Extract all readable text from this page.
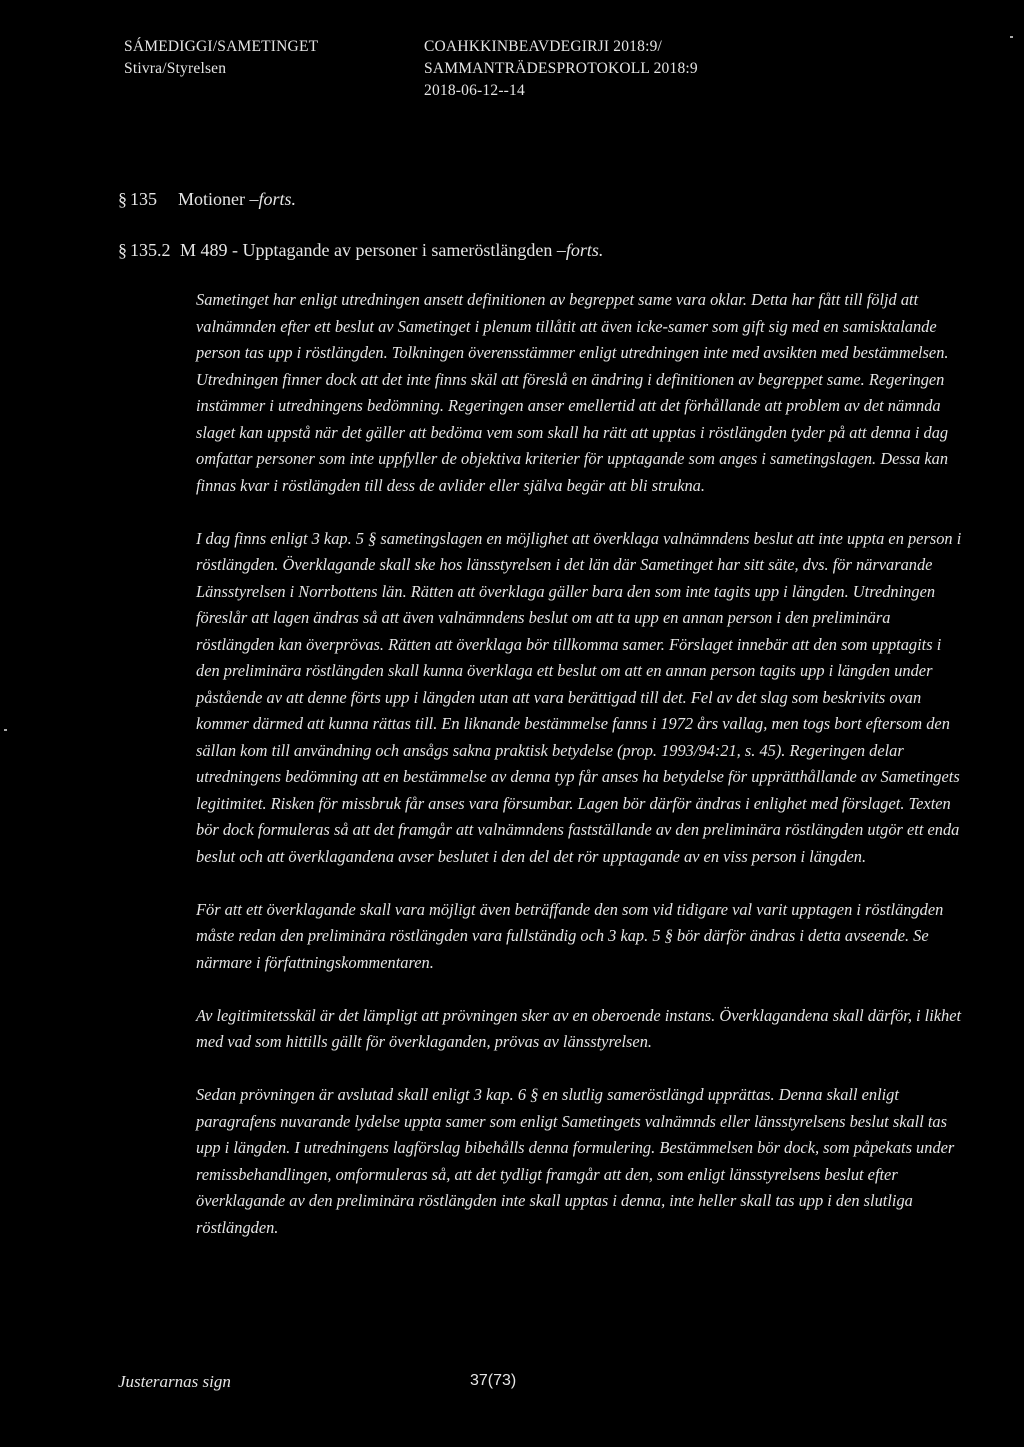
SÁMEDIGGI/SAMETINGET
Stivra/Styrelsen
COAHKKINBEAVDEGIRJI 2018:9/
SAMMANTRÄDESPROTOKOLL 2018:9
2018-06-12--14
§ 135 Motioner –forts.
§ 135.2 M 489 - Upptagande av personer i sameröstlängden –forts.

Sametinget har enligt utredningen ansett definitionen av begreppet same vara oklar. Detta har fått till följd att valnämnden efter ett beslut av Sametinget i plenum tillåtit att även icke-samer som gift sig med en samisktalande person tas upp i röstlängden. Tolkningen överensstämmer enligt utredningen inte med avsikten med bestämmelsen. Utredningen finner dock att det inte finns skäl att föreslå en ändring i definitionen av begreppet same. Regeringen instämmer i utredningens bedömning. Regeringen anser emellertid att det förhållande att problem av det nämnda slaget kan uppstå när det gäller att bedöma vem som skall ha rätt att upptas i röstlängden tyder på att denna i dag omfattar personer som inte uppfyller de objektiva kriterier för upptagande som anges i sametingslagen. Dessa kan finnas kvar i röstlängden till dess de avlider eller själva begär att bli strukna.

I dag finns enligt 3 kap. 5 § sametingslagen en möjlighet att överklaga valnämndens beslut att inte uppta en person i röstlängden. Överklagande skall ske hos länsstyrelsen i det län där Sametinget har sitt säte, dvs. för närvarande Länsstyrelsen i Norrbottens län. Rätten att överklaga gäller bara den som inte tagits upp i längden. Utredningen föreslår att lagen ändras så att även valnämndens beslut om att ta upp en annan person i den preliminära röstlängden kan överprövas. Rätten att överklaga bör tillkomma samer. Förslaget innebär att den som upptagits i den preliminära röstlängden skall kunna överklaga ett beslut om att en annan person tagits upp i längden under påstående av att denne förts upp i längden utan att vara berättigad till det. Fel av det slag som beskrivits ovan kommer därmed att kunna rättas till. En liknande bestämmelse fanns i 1972 års vallag, men togs bort eftersom den sällan kom till användning och ansågs sakna praktisk betydelse (prop. 1993/94:21, s. 45). Regeringen delar utredningens bedömning att en bestämmelse av denna typ får anses ha betydelse för upprätthållande av Sametingets legitimitet. Risken för missbruk får anses vara försumbar. Lagen bör därför ändras i enlighet med förslaget. Texten bör dock formuleras så att det framgår att valnämndens fastställande av den preliminära röstlängden utgör ett enda beslut och att överklagandena avser beslutet i den del det rör upptagande av en viss person i längden.

För att ett överklagande skall vara möjligt även beträffande den som vid tidigare val varit upptagen i röstlängden måste redan den preliminära röstlängden vara fullständig och 3 kap. 5 § bör därför ändras i detta avseende. Se närmare i författningskommentaren.

Av legitimitetsskäl är det lämpligt att prövningen sker av en oberoende instans. Överklagandena skall därför, i likhet med vad som hittills gällt för överklaganden, prövas av länsstyrelsen.

Sedan prövningen är avslutad skall enligt 3 kap. 6 § en slutlig sameröstlängd upprättas. Denna skall enligt paragrafens nuvarande lydelse uppta samer som enligt Sametingets valnämnds eller länsstyrelsens beslut skall tas upp i längden. I utredningens lagförslag bibehålls denna formulering. Bestämmelsen bör dock, som påpekats under remissbehandlingen, omformuleras så, att det tydligt framgår att den, som enligt länsstyrelsens beslut efter överklagande av den preliminära röstlängden inte skall upptas i denna, inte heller skall tas upp i den slutliga röstlängden.

Justerarnas sign	37(73)
